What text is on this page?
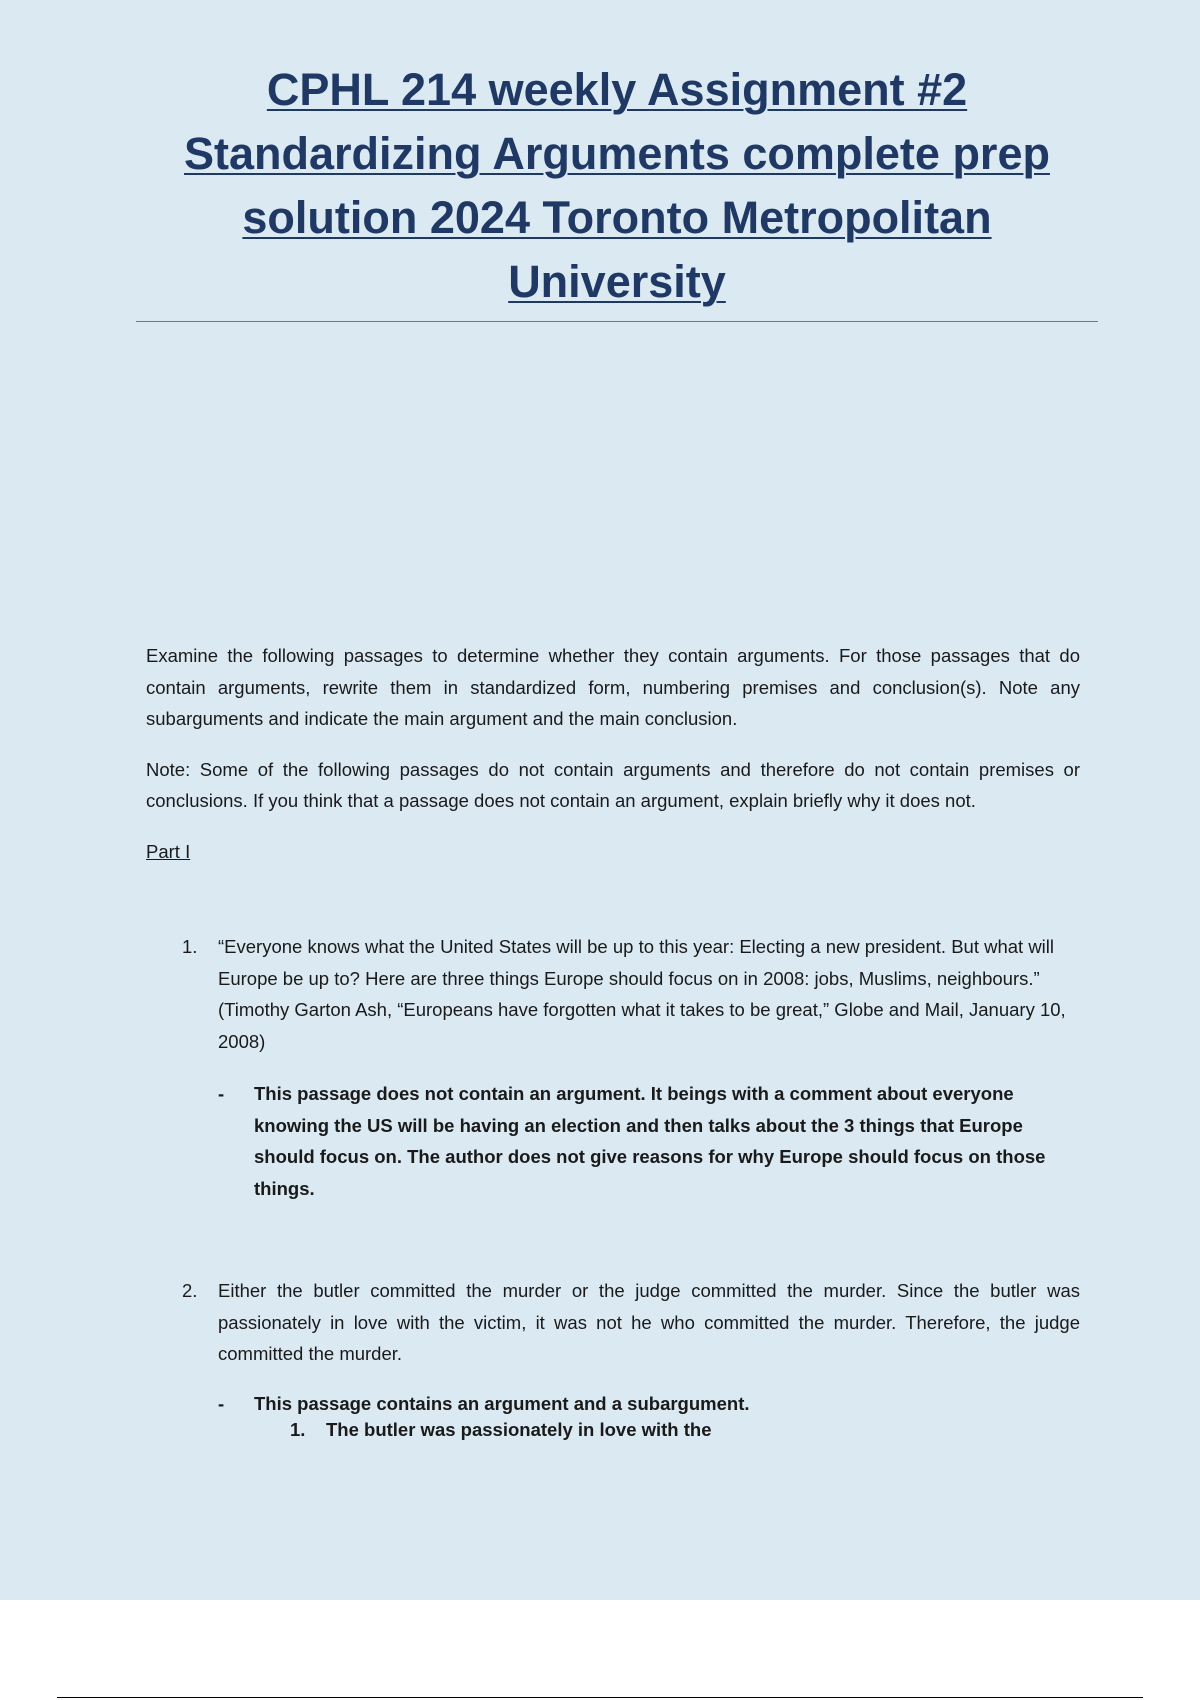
CPHL 214 weekly Assignment #2
Standardizing Arguments complete prep
solution 2024 Toronto Metropolitan
University

Examine the following passages to determine whether they contain arguments. For those passages that do contain arguments, rewrite them in standardized form, numbering premises and conclusion(s). Note any subarguments and indicate the main argument and the main conclusion.

Note: Some of the following passages do not contain arguments and therefore do not contain premises or conclusions. If you think that a passage does not contain an argument, explain briefly why it does not.

Part I

1.	“Everyone knows what the United States will be up to this year: Electing a new president. But what will Europe be up to? Here are three things Europe should focus on in 2008: jobs, Muslims, neighbours.” (Timothy Garton Ash, “Europeans have forgotten what it takes to be great,” Globe and Mail, January 10, 2008)
-	This passage does not contain an argument. It beings with a comment about everyone knowing the US will be having an election and then talks about the 3 things that Europe should focus on. The author does not give reasons for why Europe should focus on those things.
2.	Either the butler committed the murder or the judge committed the murder. Since the butler was passionately in love with the victim, it was not he who committed the murder. Therefore, the judge committed the murder.
-	This passage contains an argument and a subargument.
1.	The butler was passionately in love with the
